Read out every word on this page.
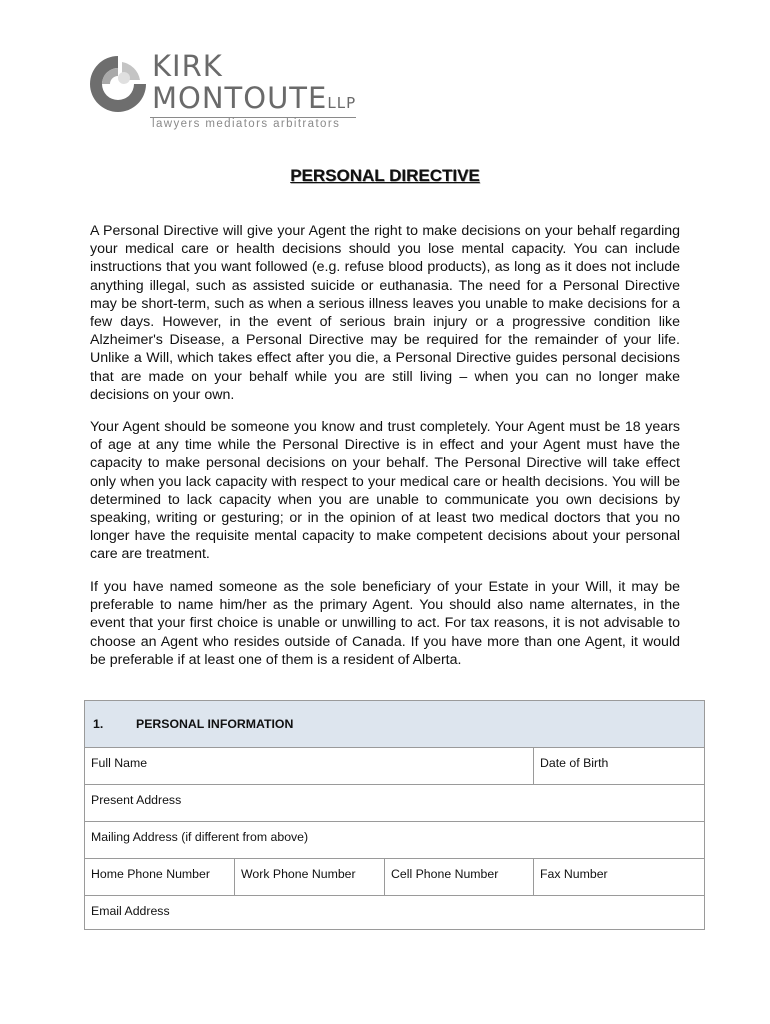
KIRK
MONTOUTELLP
lawyers mediators arbitrators
PERSONAL DIRECTIVE

A Personal Directive will give your Agent the right to make decisions on your behalf regarding your medical care or health decisions should you lose mental capacity. You can include instructions that you want followed (e.g. refuse blood products), as long as it does not include anything illegal, such as assisted suicide or euthanasia. The need for a Personal Directive may be short-term, such as when a serious illness leaves you unable to make decisions for a few days. However, in the event of serious brain injury or a progressive condition like Alzheimer's Disease, a Personal Directive may be required for the remainder of your life. Unlike a Will, which takes effect after you die, a Personal Directive guides personal decisions that are made on your behalf while you are still living – when you can no longer make decisions on your own.

Your Agent should be someone you know and trust completely. Your Agent must be 18 years of age at any time while the Personal Directive is in effect and your Agent must have the capacity to make personal decisions on your behalf. The Personal Directive will take effect only when you lack capacity with respect to your medical care or health decisions. You will be determined to lack capacity when you are unable to communicate you own decisions by speaking, writing or gesturing; or in the opinion of at least two medical doctors that you no longer have the requisite mental capacity to make competent decisions about your personal care are treatment.

If you have named someone as the sole beneficiary of your Estate in your Will, it may be preferable to name him/her as the primary Agent. You should also name alternates, in the event that your first choice is unable or unwilling to act. For tax reasons, it is not advisable to choose an Agent who resides outside of Canada. If you have more than one Agent, it would be preferable if at least one of them is a resident of Alberta.

1.	PERSONAL INFORMATION
Full Name	Date of Birth
Present Address
Mailing Address (if different from above)
Home Phone Number	Work Phone Number	Cell Phone Number	Fax Number
Email Address
